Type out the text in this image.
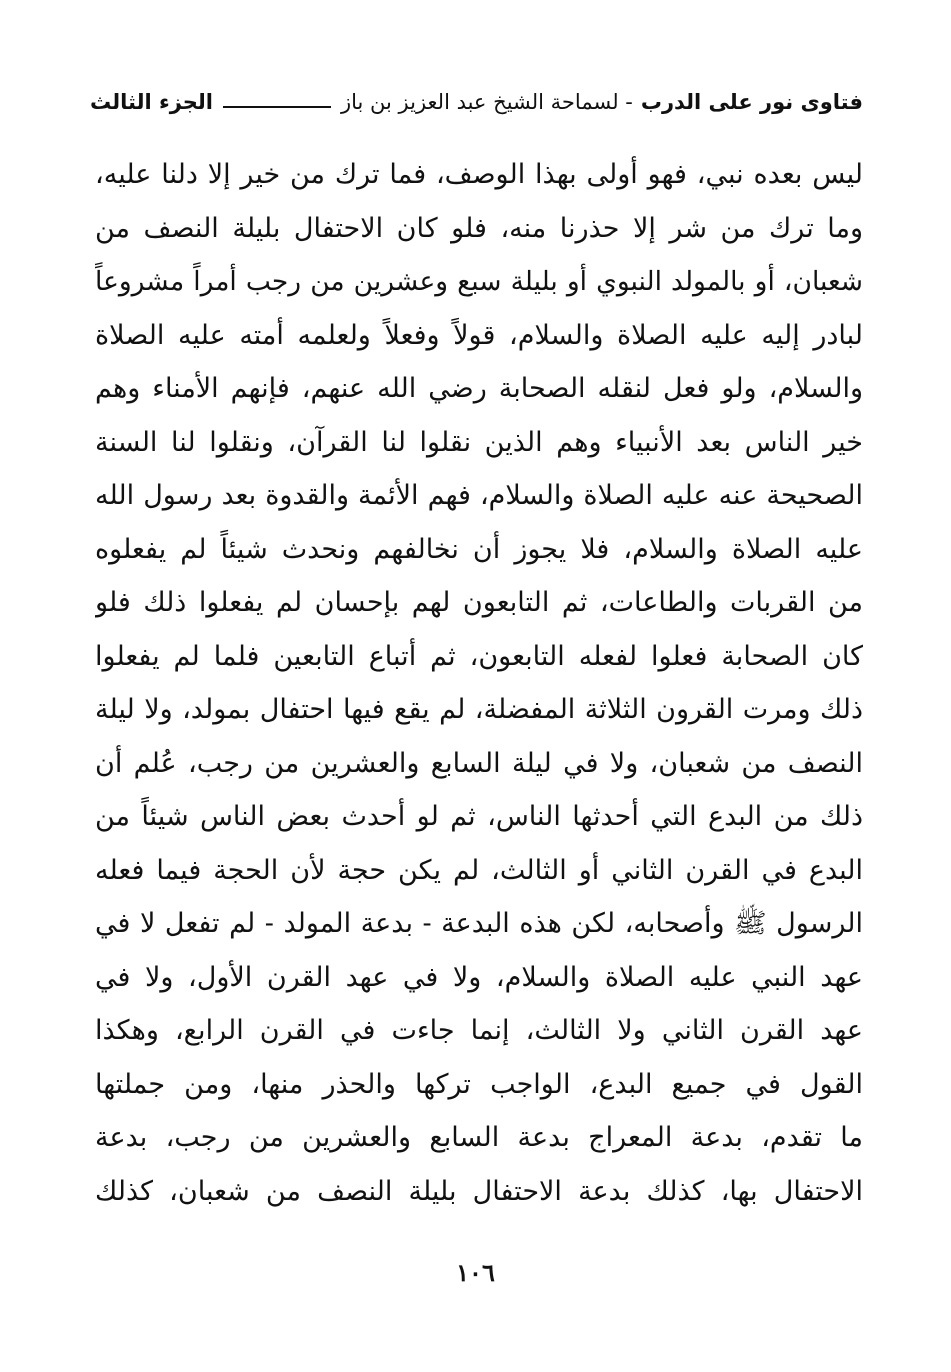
فتاوى نور على الدرب
- لسماحة الشيخ عبد العزيز بن باز
الجزء الثالث
ليس بعده نبي، فهو أولى بهذا الوصف، فما ترك من خير إلا دلنا عليه،
وما ترك من شر إلا حذرنا منه، فلو كان الاحتفال بليلة النصف من
شعبان، أو بالمولد النبوي أو بليلة سبع وعشرين من رجب أمراً مشروعاً
لبادر إليه عليه الصلاة والسلام، قولاً وفعلاً ولعلمه أمته عليه الصلاة
والسلام، ولو فعل لنقله الصحابة رضي الله عنهم، فإنهم الأمناء وهم
خير الناس بعد الأنبياء وهم الذين نقلوا لنا القرآن، ونقلوا لنا السنة
الصحيحة عنه عليه الصلاة والسلام، فهم الأئمة والقدوة بعد رسول الله
عليه الصلاة والسلام، فلا يجوز أن نخالفهم ونحدث شيئاً لم يفعلوه
من القربات والطاعات، ثم التابعون لهم بإحسان لم يفعلوا ذلك فلو
كان الصحابة فعلوا لفعله التابعون، ثم أتباع التابعين فلما لم يفعلوا
ذلك ومرت القرون الثلاثة المفضلة، لم يقع فيها احتفال بمولد، ولا ليلة
النصف من شعبان، ولا في ليلة السابع والعشرين من رجب، عُلم أن
ذلك من البدع التي أحدثها الناس، ثم لو أحدث بعض الناس شيئاً من
البدع في القرن الثاني أو الثالث، لم يكن حجة لأن الحجة فيما فعله
الرسول ﷺ وأصحابه، لكن هذه البدعة - بدعة المولد - لم تفعل لا في
عهد النبي عليه الصلاة والسلام، ولا في عهد القرن الأول، ولا في
عهد القرن الثاني ولا الثالث، إنما جاءت في القرن الرابع، وهكذا
القول في جميع البدع، الواجب تركها والحذر منها، ومن جملتها
ما تقدم، بدعة المعراج بدعة السابع والعشرين من رجب، بدعة
الاحتفال بها، كذلك بدعة الاحتفال بليلة النصف من شعبان، كذلك
١٠٦
